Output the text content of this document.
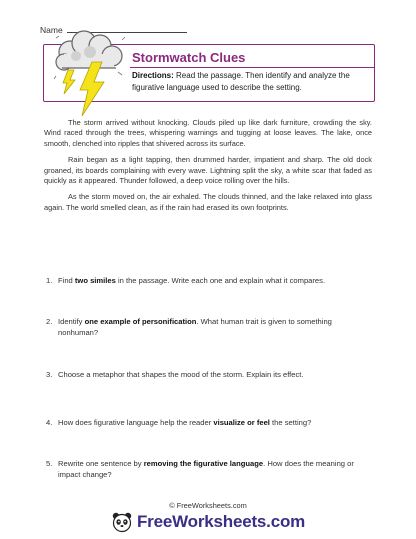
Name
Stormwatch Clues
Directions: Read the passage. Then identify and analyze the figurative language used to describe the setting.

The storm arrived without knocking. Clouds piled up like dark furniture, crowding the sky. Wind raced through the trees, whispering warnings and tugging at loose leaves. The lake, once smooth, clenched into ripples that shivered across its surface.

Rain began as a light tapping, then drummed harder, impatient and sharp. The old dock groaned, its boards complaining with every wave. Lightning split the sky, a white scar that faded as quickly as it appeared. Thunder followed, a deep voice rolling over the hills.

As the storm moved on, the air exhaled. The clouds thinned, and the lake relaxed into glass again. The world smelled clean, as if the rain had erased its own footprints.

1. Find two similes in the passage. Write each one and explain what it compares.
2. Identify one example of personification. What human trait is given to something nonhuman?
3. Choose a metaphor that shapes the mood of the storm. Explain its effect.
4. How does figurative language help the reader visualize or feel the setting?
5. Rewrite one sentence by removing the figurative language. How does the meaning or impact change?
© FreeWorksheets.com
FreeWorksheets.com
